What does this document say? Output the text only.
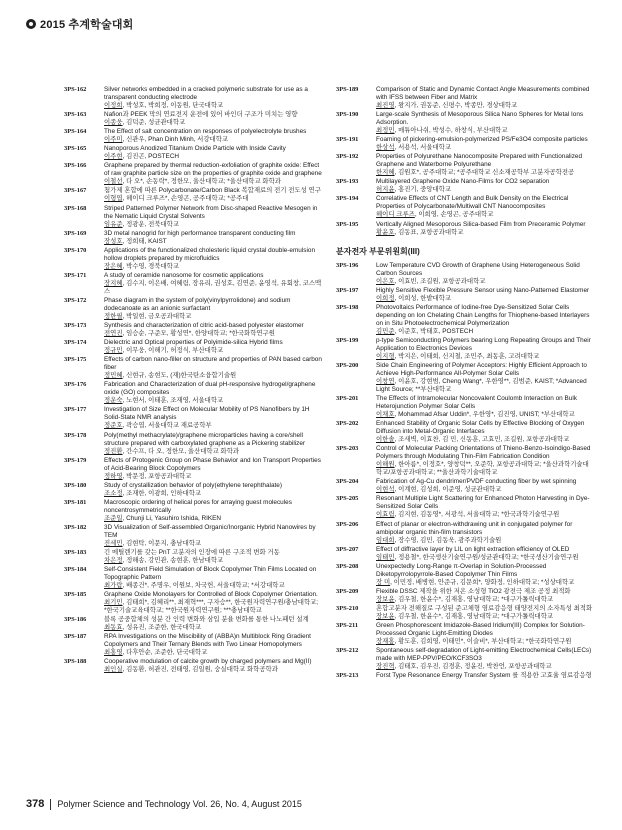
2015 추계학술대회
3PS-162	Silver networks embedded in a cracked polymeric substrate for use as a transparent conducting electrode
이정희, 박성호, 박희정, 이동원, 단국대학교
3PS-163	Nafion과 PEEK 막의 연료전지 운전에 있어 바인더 구조가 미치는 영향
이종웅, 김덕준, 성균관대학교
3PS-164	The Effect of salt concentration on responses of polyelectrolyte brushes
이주미, 신관우, Phan Dinh Minh, 서강대학교
3PS-165	Nanoporous Anodized Titanium Oxide Particle with Inside Cavity
이주현, 김진곤, POSTECH
3PS-166	Graphene prepared by thermal reduction-exfoliation of graphite oxide: Effect of raw graphite particle size on the properties of graphite oxide and graphene
이철선, 다 오*, 손동락*, 정한모, 울산대학교; *울산대학교 화학과
3PS-167	첨가제 혼합에 따른 Polycarbonate/Carbon Black 복합재료의 전기 전도성 연구
이형엽, 헤이디 크루즈*, 손영곤, 공주대학교; *공주대
3PS-168	Striped Patterned Polymer Network from Disc-shaped Reactive Mesogen in the Nematic Liquid Crystal Solvents
임유준, 정광운, 전북대학교
3PS-169	3D metal nanogrid for high performance transparent conducting film
장성호, 정희태, KAIST
3PS-170	Applications of the functionalized cholesteric liquid crystal double-emulsion hollow droplets prepared by microfluidics
장은혜, 박수영, 경북대학교
3PS-171	A study of ceramide nanosome for cosmetic applications
장지혜, 김수지, 이은배, 여혜림, 장유리, 권성호, 김연준, 윤영석, 유회창, 코스맥스
3PS-172	Phase diagram in the system of poly(vinylpyrrolidone) and sodium dodecanoate as an anionic surfactant
정한필, 박일현, 금오공과대학교
3PS-173	Synthesis and characterization of citric acid-based polyester elastomer
전연진, 임승순, 구준모, 황성연*, 한양대학교; *한국화학연구원
3PS-174	Dielectric and Optical properties of Polyimide-silica Hybrid films
정규민, 이무웅, 이해기, 허정식, 부산대학교
3PS-175	Effects of carbon nano-filler on structure and properties of PAN based carbon fiber
정민혜, 신현규, 송현도, (재)한국탄소융합기술원
3PS-176	Fabrication and Characterization of dual pH-responsive hydrogel/graphene oxide (GO) composites
정운숙, 노현서, 이태훈, 조재영, 서울대학교
3PS-177	Investigation of Size Effect on Molecular Mobility of PS Nanofibers by 1H Solid-State NMR analysis
정준호, 곽승엽, 서울대학교 재료공학부
3PS-178	Poly(methyl methacrylate)/graphene microparticles having a core/shell structure prepared with carboxylated graphene as a Pickering stabilizer
정진환, 간수프, 다 오, 정한모, 울산대학교 화학과
3PS-179	Effects of Protogenic Group on Phase Behavior and Ion Transport Properties of Acid-Bearing Block Copolymers
정하영, 박문정, 포항공과대학교
3PS-180	Study of crystallization behavior of poly(ethylene terephthalate)
조소정, 조재한, 이광희, 인하대학교
3PS-181	Macroscopic ordering of helical pores for arraying guest molecules noncentrosymmetrically
조준일, Chunji Li, Yasuhiro Ishida, RIKEN
3PS-182	3D Visualization of Self-assembled Organic/Inorganic Hybrid Nanowires by TEM
진세민, 김현탁, 이문지, 충남대학교
3PS-183	긴 메틸렌기를 갖는 PnT 고분자의 인장에 따른 구조적 변화 거동
차은정, 정해송, 강민관, 송현훈, 한남대학교
3PS-184	Self-Consistent Field Simulation of Block Copolymer Thin Films Located on Topographic Pattern
최가람, 배종건*, 주명우, 이원보, 차국헌, 서울대학교; *서강대학교
3PS-185	Graphene Oxide Monolayers for Controlled of Block Copolymer Orientation.
최기민, 김태희*, 김혜리**, 최재혁***, 구자승**, 한국원자력연구원/충남대학교; *한국기술교육대학교; **한국원자력연구원; ***충남대학교
3PS-186	블록 공중합체의 성분 간 인력 변화와 삼입 분율 변화를 통한 나노패턴 설계
최동효, 성유진, 조준한, 한국대학교
3PS-187	RPA Investigations on the Miscibility of (ABBA)n Multiblock Ring Gradient Copolymers and Their Ternary Blends with Two Linear Homopolymers
최홍영, 다후안순, 조준한, 단국대학교
3PS-188	Cooperative modulation of calcite growth by charged polymers and Mg(II)
최인실, 김동환, 허관진, 전태영, 김일원, 숭실대학교 화학공학과
3PS-189	Comparison of Static and Dynamic Contact Angle Measurements combined with IFSS between Fiber and Matrix
최진영, 왕지가, 권동준, 신평수, 박종만, 경상대학교
3PS-190	Large-scale Synthesis of Mesoporous Silica Nano Spheres for Metal Ions Adsorption.
최정민, 매튜아나쉬, 박성수, 하창식, 부산대학교
3PS-191	Foaming of pickering-emulsion-polymerized PS/Fe3O4 composite particles
한상석, 서용석, 서울대학교
3PS-192	Properties of Polyurethane Nanocomposite Prepared with Functionalized Graphene and Waterborne Polyurethane
한지혜, 김원호*, 공주대학교; *공주대학교 신소재공학부 고분자공학전공
3PS-193	Multilayered Graphene Oxide Nano-Films for CO2 separation
허지윤, 홍진기, 중앙대학교
3PS-194	Correlative Effects of CNT Length and Bulk Density on the Electrical Properties of Polycarbonate/Multiwall CNT Nanocomposites
헤이디 크루즈, 이희영, 손영곤, 공주대학교
3PS-195	Vertically Aligned Mesoporous Silica-based Film from Preceramic Polymer
황윤호, 김동표, 포항공과대학교
분자전자 부문위원회(III)
3PS-196	Low Temperature CVD Growth of Graphene Using Heterogeneous Solid Carbon Sources
이은호, 이효빈, 조길원, 포항공과대학교
3PS-197	Highly Sensitive Flexible Pressure Sensor using Nano-Patterned Elastomer
이희정, 이희성, 한밭대학교
3PS-198	Photovoltaics Performance of Iodine-free Dye-Sensitized Solar Cells depending on Ion Chelating Chain Lengths for Thiophene-based Interlayers on in Situ Photoelectrochemical Polymerization
김민준, 이준호, 박태호, POSTECH
3PS-199	p-type Semiconducting Polymers bearing Long Repeating Groups and Their Application to Electronics Devices
이지형, 박지은, 이태희, 신지철, 조민주, 최동훈, 고려대학교
3PS-200	Side Chain Engineering of Polymer Acceptors: Highly Efficient Approach to Achieve High-Performance All-Polymer Solar Cells
이창연, 이윤호, 강현범, Cheng Wang*, 우한영**, 김범준, KAIST; *Advanced Light Source; **부산대학교
3PS-201	The Effects of Intramolecular Noncovalent Coulomb Interaction on Bulk Heterojunction Polymer Solar Cells
이채호, Mohammad Afsar Uddin*, 우한영*, 김진영, UNIST; *부산대학교
3PS-202	Enhanced Stability of Organic Solar Cells by Effective Blocking of Oxygen Diffusion into Metal-Organic Interfaces
이한솔, 조새벽, 이효찬, 김 민, 신동훈, 고효민, 조길원, 포항공과대학교
3PS-203	Control of Molecular Packing Orientations of Thieno-Benzo-Isoindigo-Based Polymers through Modulating Thin-Film Fabrication Condition
이해원, 한아름*, 이정호*, 양창덕**, 오준학, 포항공과대학교; *울산과학기술대학교/포항공과대학교; **울산과학기술대학교
3PS-204	Fabrication of Ag-Cu dendrimer/PVDF conducting fiber by wet spinning
이현석, 이계현, 김성희, 이준영, 성균관대학교
3PS-205	Resonant Multiple Light Scattering for Enhanced Photon Harvesting in Dye-Sensitized Solar Cells
이효림, 김지현, 김동영*, 서광석, 서울대학교; *한국과학기술연구원
3PS-206	Effect of planar or electron-withdrawing unit in conjugated polymer for ambipolar organic thin-film transistors
임대희, 장수영, 김민, 김동욱, 광주과학기술원
3PS-207	Effect of diffractive layer by LIL on light extraction efficiency of OLED
임태민, 정용철*, 한국생산기술연구원/성균관대학교; *한국생산기술연구원
3PS-208	Unexpectedly Long-Range π-Overlap in Solution-Processed Diketopyrrolopyrrole-Based Copolymer Thin Films
장 미, 이민정, 배병현, 안준규, 김문희*, 양화정, 인하대학교; *성상대학교
3PS-209	Flexible DSSC 제작을 위한 저온 소성형 TiO2 광전극 제조 공정 최적화
장보윤, 김우철, 한윤수*, 김재홍, 영남대학교; *대구가톨릭대학교
3PS-210	혼합고분자 전해질로 구성된 준고체형 염료감응형 태양전지의 소자특성 최적화
장보윤, 김우철, 한윤수*, 김재홍, 영남대학교; *대구가톨릭대학교
3PS-211	Green Phosphorescent Imidazole-Based Iridium(III) Complex for Solution-Processed Organic Light-Emitting Diodes
장재홍, 황도훈, 김희영, 이태민*, 이슬비*, 부산대학교; *한국화학연구원
3PS-212	Spontaneous self-degradation of Light-emitting Electrochemical Cells(LECs) made with MEP-PPV/PEO/KCF3SO3
장진혁, 김태호, 김우진, 김경훈, 정윤진, 박찬언, 포항공과대학교
3PS-213	Forst Type Resonance Energy Transfer System 를 적용한 고효율 염료감응형
378 Polymer Science and Technology Vol. 26, No. 4, August 2015
